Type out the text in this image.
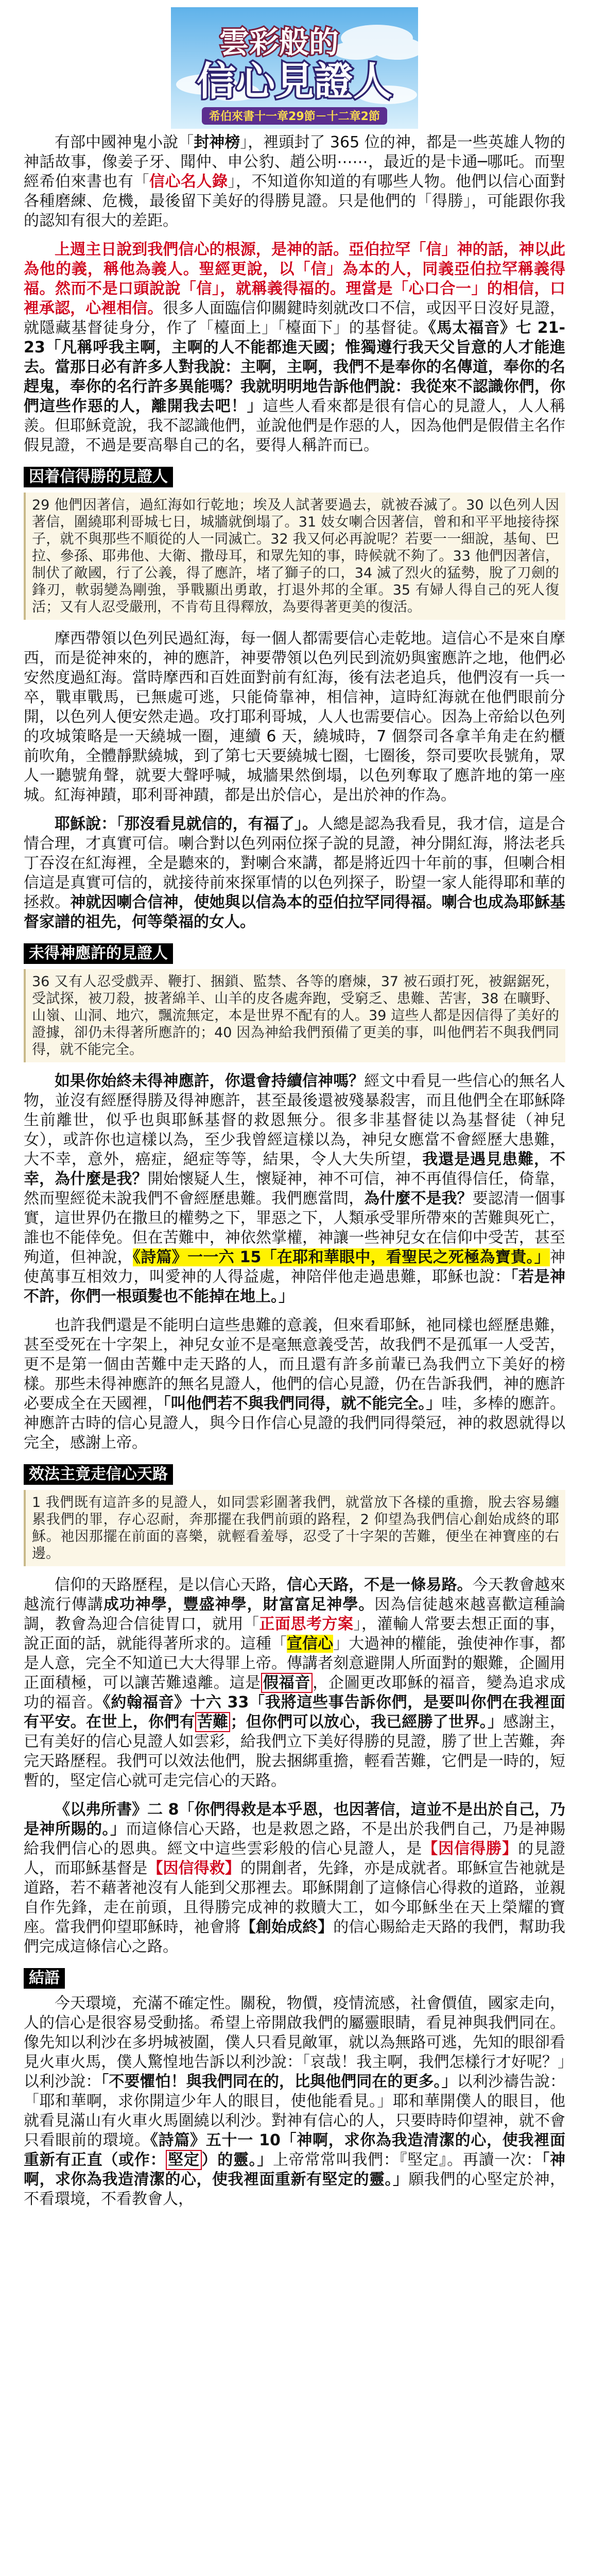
雲彩般的
信心見證人
希伯來書十一章29節－十二章2節

有部中國神鬼小說「封神榜」，裡頭封了 365 位的神，都是一些英雄人物的神話故事，像姜子牙、聞仲、申公豹、趙公明⋯⋯，最近的是卡通─哪吒。而聖經希伯來書也有「信心名人錄」，不知道你知道的有哪些人物。他們以信心面對各種磨練、危機，最後留下美好的得勝見證。只是他們的「得勝」，可能跟你我的認知有很大的差距。

上週主日說到我們信心的根源，是神的話。亞伯拉罕「信」神的話，神以此為他的義，稱他為義人。聖經更說，以「信」為本的人，同義亞伯拉罕稱義得福。然而不是口頭說說「信」，就稱義得福的。理當是「心口合一」的相信，口裡承認，心裡相信。很多人面臨信仰關鍵時刻就改口不信，或因平日沒好見證，就隱藏基督徒身分，作了「檯面上」「檯面下」的基督徒。《馬太福音》七 21-23「凡稱呼我主啊，主啊的人不能都進天國；惟獨遵行我天父旨意的人才能進去。當那日必有許多人對我說：主啊，主啊，我們不是奉你的名傳道，奉你的名趕鬼，奉你的名行許多異能嗎？我就明明地告訴他們說：我從來不認識你們，你們這些作惡的人，離開我去吧！」這些人看來都是很有信心的見證人，人人稱羨。但耶穌竟說，我不認識他們，並說他們是作惡的人，因為他們是假借主名作假見證，不過是要高舉自己的名，要得人稱許而已。

因着信得勝的見證人
29 他們因著信，過紅海如行乾地；埃及人試著要過去，就被吞滅了。30 以色列人因著信，圍繞耶利哥城七日，城牆就倒塌了。31 妓女喇合因著信，曾和和平平地接待探子，就不與那些不順從的人一同滅亡。32 我又何必再說呢？若要一一細說，基甸、巴拉、參孫、耶弗他、大衛、撒母耳，和眾先知的事，時候就不夠了。33 他們因著信，制伏了敵國，行了公義，得了應許，堵了獅子的口，34 滅了烈火的猛勢，脫了刀劍的鋒刃，軟弱變為剛強，爭戰顯出勇敢，打退外邦的全軍。35 有婦人得自己的死人復活；又有人忍受嚴刑，不肯苟且得釋放，為要得著更美的復活。

摩西帶領以色列民過紅海，每一個人都需要信心走乾地。這信心不是來自摩西，而是從神來的，神的應許，神要帶領以色列民到流奶與蜜應許之地，他們必安然度過紅海。當時摩西和百姓面對前有紅海，後有法老追兵，他們沒有一兵一卒，戰車戰馬，已無處可逃，只能倚靠神，相信神，這時紅海就在他們眼前分開，以色列人便安然走過。攻打耶利哥城，人人也需要信心。因為上帝給以色列的攻城策略是一天繞城一圈，連續 6 天，繞城時，7 個祭司各拿羊角走在約櫃前吹角，全體靜默繞城，到了第七天要繞城七圈，七圈後，祭司要吹長號角，眾人一聽號角聲，就要大聲呼喊，城牆果然倒塌，以色列奪取了應許地的第一座城。紅海神蹟，耶利哥神蹟，都是出於信心，是出於神的作為。

耶穌說：「那沒看見就信的，有福了」。人總是認為我看見，我才信，這是合情合理，才真實可信。喇合對以色列兩位探子說的見證，神分開紅海，將法老兵丁吞沒在紅海裡，全是聽來的，對喇合來講，都是將近四十年前的事，但喇合相信這是真實可信的，就接待前來探軍情的以色列探子，盼望一家人能得耶和華的拯救。神就因喇合信神，使她與以信為本的亞伯拉罕同得福。喇合也成為耶穌基督家譜的祖先，何等榮福的女人。

未得神應許的見證人
36 又有人忍受戲弄、鞭打、捆鎖、監禁、各等的磨煉，37 被石頭打死，被鋸鋸死，受試探，被刀殺，披著綿羊、山羊的皮各處奔跑，受窮乏、患難、苦害，38 在曠野、山嶺、山洞、地穴，飄流無定，本是世界不配有的人。39 這些人都是因信得了美好的證據，卻仍未得著所應許的；40 因為神給我們預備了更美的事，叫他們若不與我們同得，就不能完全。

如果你始終未得神應許，你還會持續信神嗎？經文中看見一些信心的無名人物，並沒有經歷得勝及得神應許，甚至最後還被殘暴殺害，而且他們全在耶穌降生前離世，似乎也與耶穌基督的救恩無分。很多非基督徒以為基督徒（神兒女），或許你也這樣以為，至少我曾經這樣以為，神兒女應當不會經歷大患難，大不幸，意外，癌症，絕症等等，結果，令人大失所望，我還是遇見患難，不幸，為什麼是我？開始懷疑人生，懷疑神，神不可信，神不再值得信任，倚靠，然而聖經從未說我們不會經歷患難。我們應當問，為什麼不是我？要認清一個事實，這世界仍在撒旦的權勢之下，罪惡之下，人類承受罪所帶來的苦難與死亡，誰也不能倖免。但在苦難中，神依然掌權，神讓一些神兒女在信仰中受苦，甚至殉道，但神說，《詩篇》一一六 15「在耶和華眼中，看聖民之死極為寶貴。」神使萬事互相效力，叫愛神的人得益處，神陪伴他走過患難，耶穌也說：「若是神不許，你們一根頭髮也不能掉在地上。」

也許我們還是不能明白這些患難的意義，但來看耶穌，祂同樣也經歷患難，甚至受死在十字架上，神兒女並不是毫無意義受苦，故我們不是孤軍一人受苦，更不是第一個由苦難中走天路的人，而且還有許多前輩已為我們立下美好的榜樣。那些未得神應許的無名見證人，他們的信心見證，仍在告訴我們，神的應許必要成全在天國裡，「叫他們若不與我們同得，就不能完全。」哇，多棒的應許。神應許古時的信心見證人，與今日作信心見證的我們同得榮冠，神的救恩就得以完全，感謝上帝。

效法主竟走信心天路
1 我們既有這許多的見證人，如同雲彩圍著我們，就當放下各樣的重擔，脫去容易纏累我們的罪，存心忍耐，奔那擺在我們前頭的路程，2 仰望為我們信心創始成終的耶穌。祂因那擺在前面的喜樂，就輕看羞辱，忍受了十字架的苦難，便坐在神寶座的右邊。

信仰的天路歷程，是以信心天路，信心天路，不是一條易路。今天教會越來越流行傳講成功神學，豐盛神學，財富富足神學。因為信徒越來越喜歡這種論調，教會為迎合信徒胃口，就用「正面思考方案」，灌輸人常要去想正面的事，說正面的話，就能得著所求的。這種「宣信心」大過神的權能，強使神作事，都是人意，完全不知道已大大得罪上帝。傳講者刻意避開人所面對的艱難，企圖用正面積極，可以讓苦難遠離。這是 假福音 ，企圖更改耶穌的福音，變為追求成功的福音。《約翰福音》十六 33「我將這些事告訴你們，是要叫你們在我裡面有平安。在世上，你們有 苦難 ；但你們可以放心，我已經勝了世界。」感謝主，已有美好的信心見證人如雲彩，給我們立下美好得勝的見證，勝了世上苦難，奔完天路歷程。我們可以效法他們，脫去捆綁重擔，輕看苦難，它們是一時的，短暫的，堅定信心就可走完信心的天路。

《以弗所書》二 8「你們得救是本乎恩，也因著信，這並不是出於自己，乃是神所賜的。」而這條信心天路，也是救恩之路，不是出於我們自己，乃是神賜給我們信心的恩典。經文中這些雲彩般的信心見證人，是【因信得勝】的見證人，而耶穌基督是【因信得救】的開創者，先鋒，亦是成就者。耶穌宣告祂就是道路，若不藉著祂沒有人能到父那裡去。耶穌開創了這條信心得救的道路，並親自作先鋒，走在前頭，且得勝完成神的救贖大工，如今耶穌坐在天上榮耀的寶座。當我們仰望耶穌時，祂會將【創始成終】的信心賜給走天路的我們，幫助我們完成這條信心之路。

結語

今天環境，充滿不確定性。關稅，物價，疫情流感，社會價值，國家走向，人的信心是很容易受動搖。希望上帝開啟我們的屬靈眼睛，看見神與我們同在。像先知以利沙在多坍城被圍，僕人只看見敵軍，就以為無路可逃，先知的眼卻看見火車火馬，僕人驚惶地告訴以利沙說：「哀哉！我主啊，我們怎樣行才好呢？」以利沙說：「不要懼怕！與我們同在的，比與他們同在的更多。」以利沙禱告說：「耶和華啊，求你開這少年人的眼目，使他能看見。」耶和華開僕人的眼目，他就看見滿山有火車火馬圍繞以利沙。對神有信心的人，只要時時仰望神，就不會只看眼前的環境。《詩篇》五十一 10「神啊，求你為我造清潔的心，使我裡面重新有正直（或作： 堅定 ）的靈。」上帝常常叫我們：『堅定』。再讀一次：「神啊，求你為我造清潔的心，使我裡面重新有堅定的靈。」願我們的心堅定於神，不看環境，不看教會人，
